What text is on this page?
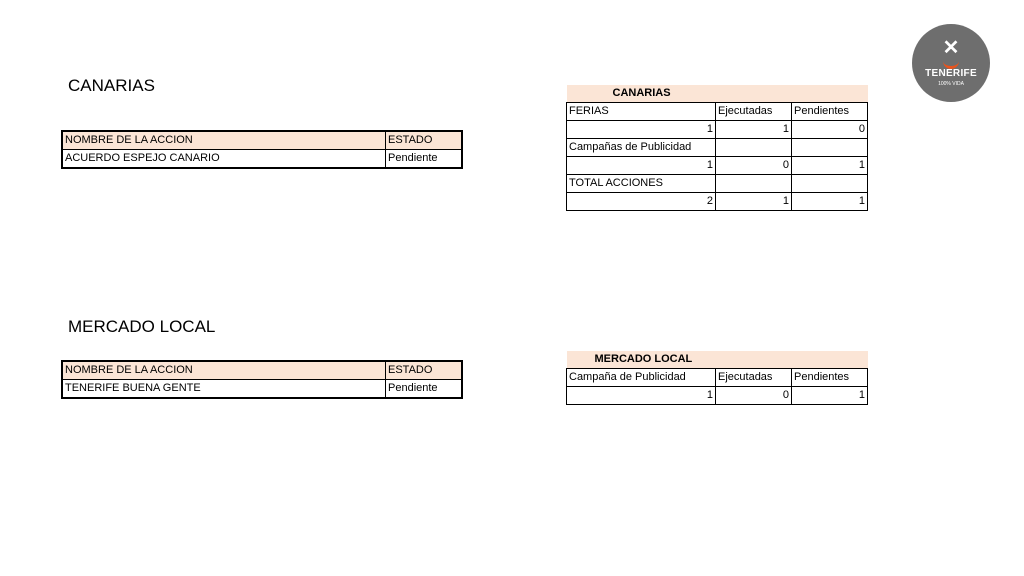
✕
TENERIFE
100% VIDA
CANARIAS
NOMBRE DE LA ACCION	ESTADO
ACUERDO ESPEJO CANARIO	Pendiente
CANARIAS		
FERIAS	Ejecutadas	Pendientes
1	1	0
Campañas de Publicidad		
1	0	1
TOTAL ACCIONES		
2	1	1
MERCADO LOCAL
NOMBRE DE LA ACCION	ESTADO
TENERIFE BUENA GENTE	Pendiente
MERCADO LOCAL		
Campaña de Publicidad	Ejecutadas	Pendientes
1	0	1
